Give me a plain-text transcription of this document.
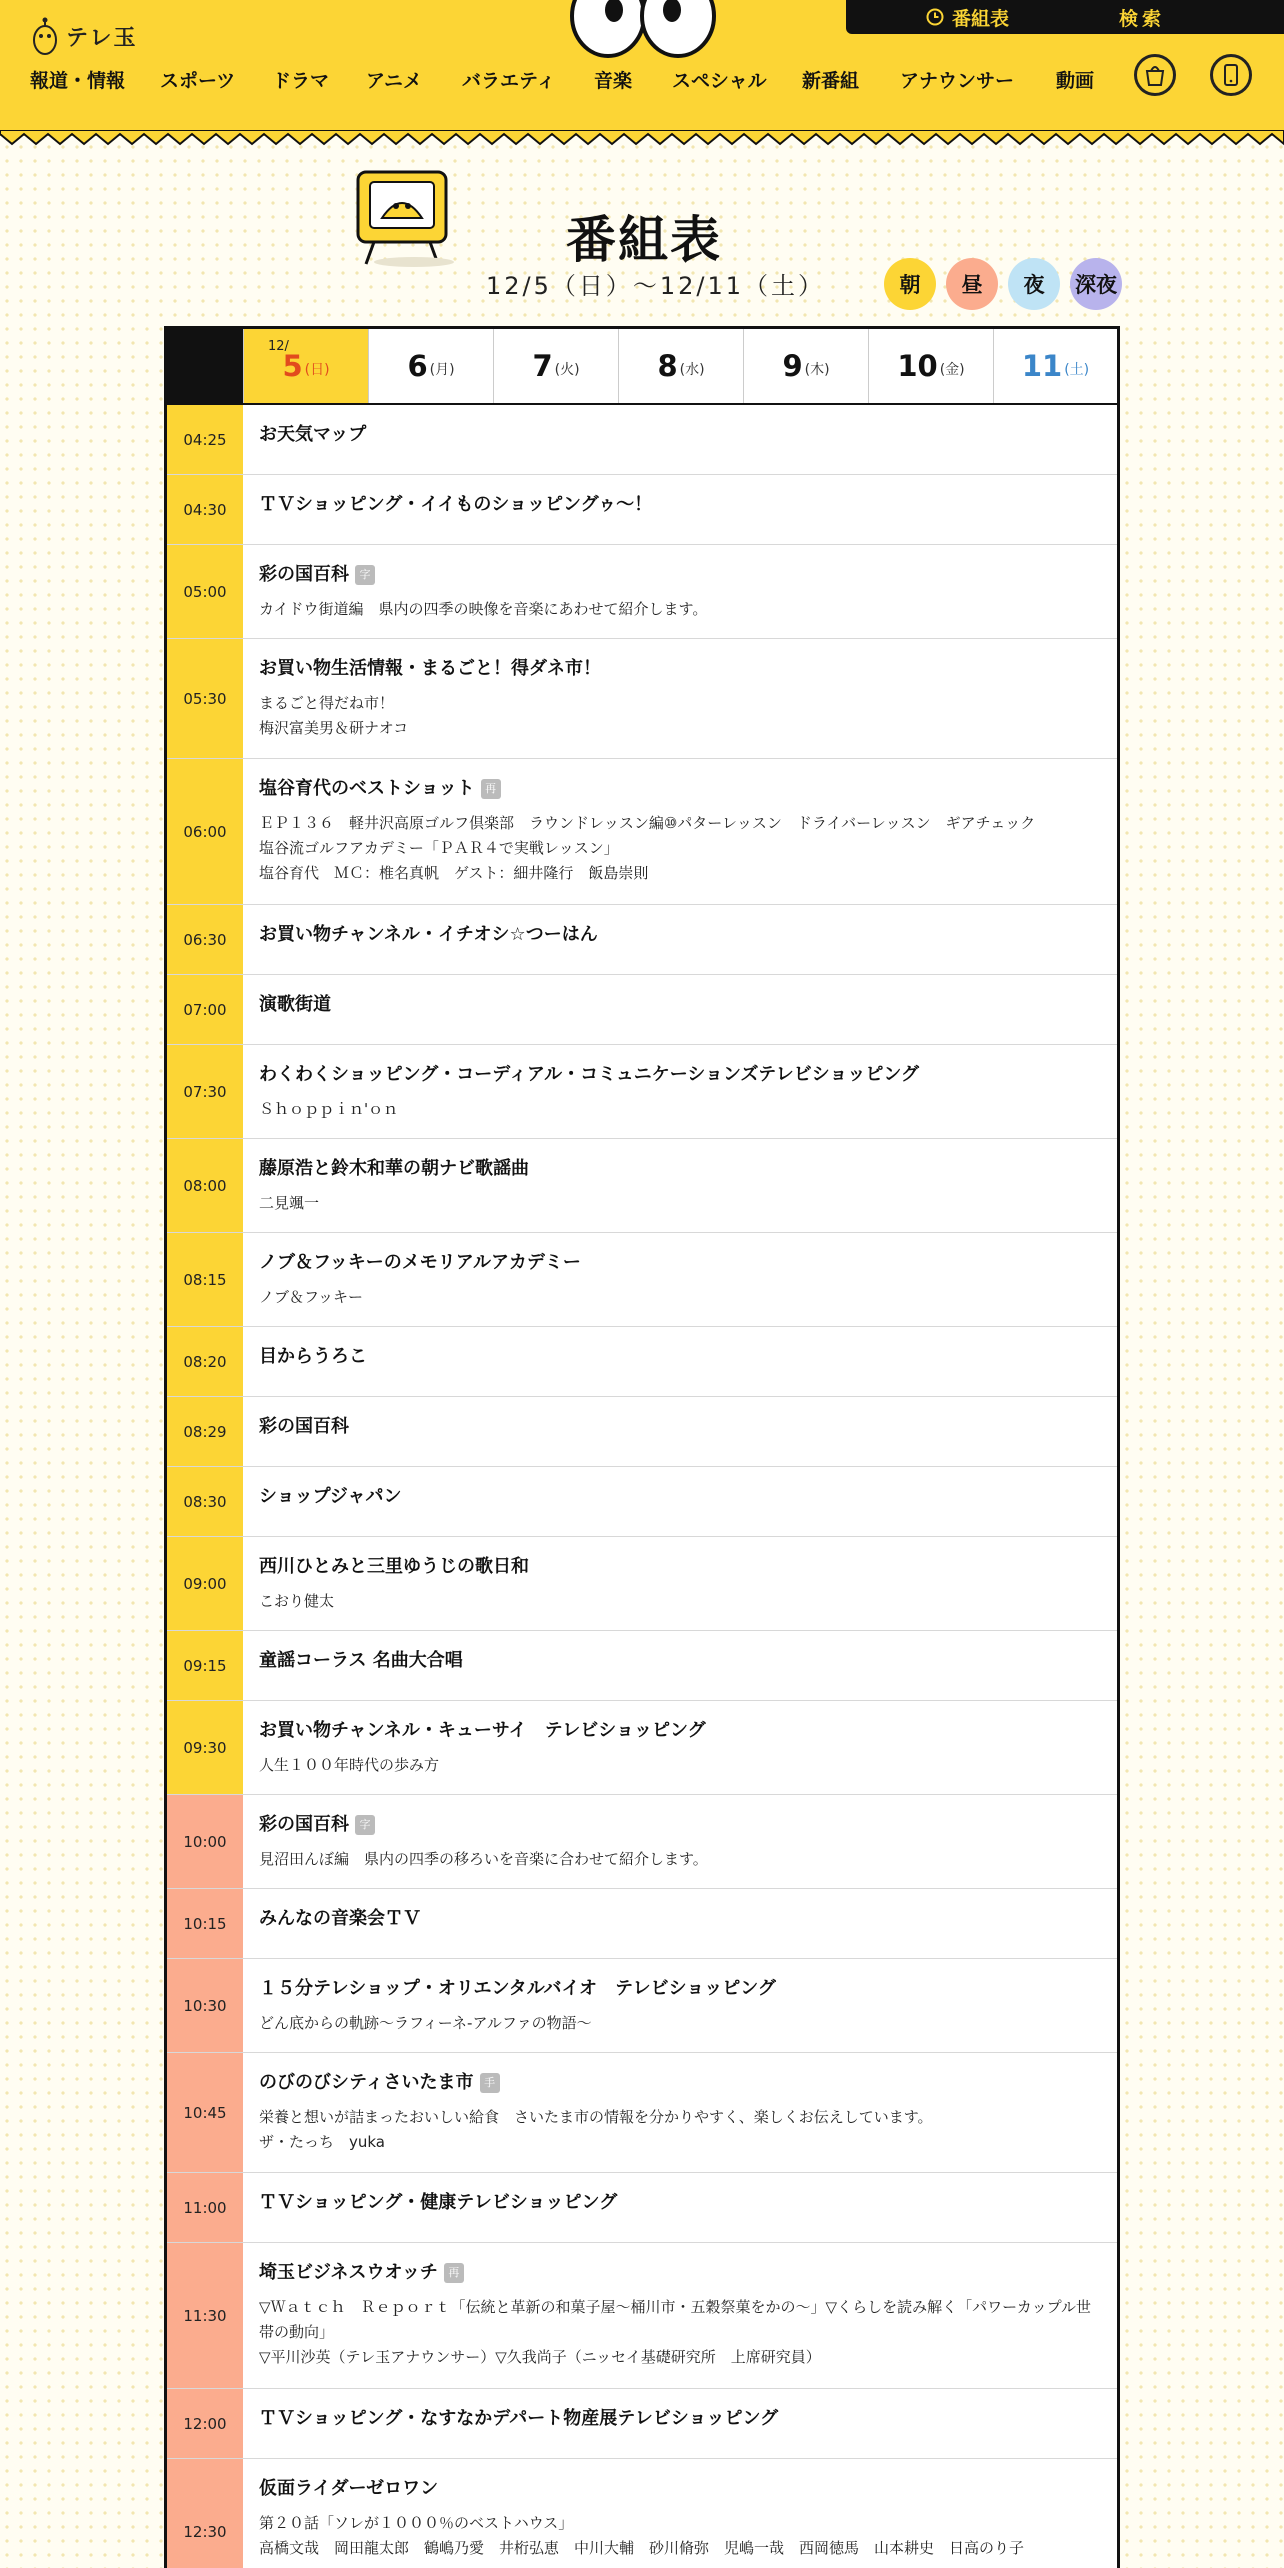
テレ玉
番組表	検索
報道・情報 スポーツ ドラマ アニメ バラエティ 音楽 スペシャル 新番組 アナウンサー 動画
番組表
12/5（日）〜12/11（土）	朝	昼	夜	深夜
12/
5 (日)	6 (月)	7 (火)	8 (水)	9 (木) 10 (金) 11 (土)
04:25	お天気マップ
04:30	ＴＶショッピング・イイものショッピングゥ～！
05:00
彩の国百科 字
カイドウ街道編　県内の四季の映像を音楽にあわせて紹介します。
05:30
お買い物生活情報・まるごと！得ダネ市！
まるごと得だね市！
梅沢富美男＆研ナオコ
06:00
塩谷育代のベストショット 再
ＥＰ１３６　軽井沢高原ゴルフ倶楽部　ラウンドレッスン編⑩パターレッスン　ドライバーレッスン　ギアチェック
塩谷流ゴルフアカデミー「ＰＡＲ４で実戦レッスン」
塩谷育代　ＭＣ：椎名真帆　ゲスト：細井隆行　飯島崇則
06:30	お買い物チャンネル・イチオシ☆つーはん
07:00	演歌街道
07:30
わくわくショッピング・コーディアル・コミュニケーションズテレビショッピング
Ｓｈｏｐｐｉｎ'ｏｎ
08:00
藤原浩と鈴木和華の朝ナビ歌謡曲
二見颯一
08:15
ノブ＆フッキーのメモリアルアカデミー
ノブ＆フッキー
08:20	目からうろこ
08:29	彩の国百科
08:30	ショップジャパン
09:00
西川ひとみと三里ゆうじの歌日和
こおり健太
09:15	童謡コーラス 名曲大合唱
09:30
お買い物チャンネル・キューサイ　テレビショッピング
人生１００年時代の歩み方
10:00
彩の国百科 字
見沼田んぼ編　県内の四季の移ろいを音楽に合わせて紹介します。
10:15	みんなの音楽会ＴＶ
10:30
１５分テレショップ・オリエンタルバイオ　テレビショッピング
どん底からの軌跡～ラフィーネ-アルファの物語～
10:45
のびのびシティさいたま市 手
栄養と想いが詰まったおいしい給食　さいたま市の情報を分かりやすく、楽しくお伝えしています。
ザ・たっち　yuka
11:00	ＴＶショッピング・健康テレビショッピング
11:30
埼玉ビジネスウオッチ 再
▽Ｗａｔｃｈ　Ｒｅｐｏｒｔ「伝統と革新の和菓子屋～桶川市・五穀祭菓をかの～」▽くらしを読み解く「パワーカップル世帯の動向」
▽平川沙英（テレ玉アナウンサー）▽久我尚子（ニッセイ基礎研究所　上席研究員）
12:00	ＴＶショッピング・なすなかデパート物産展テレビショッピング
12:30
仮面ライダーゼロワン
第２０話「ソレが１０００％のベストハウス」
高橋文哉　岡田龍太郎　鶴嶋乃愛　井桁弘恵　中川大輔　砂川脩弥　児嶋一哉　西岡徳馬　山本耕史　日高のり子
